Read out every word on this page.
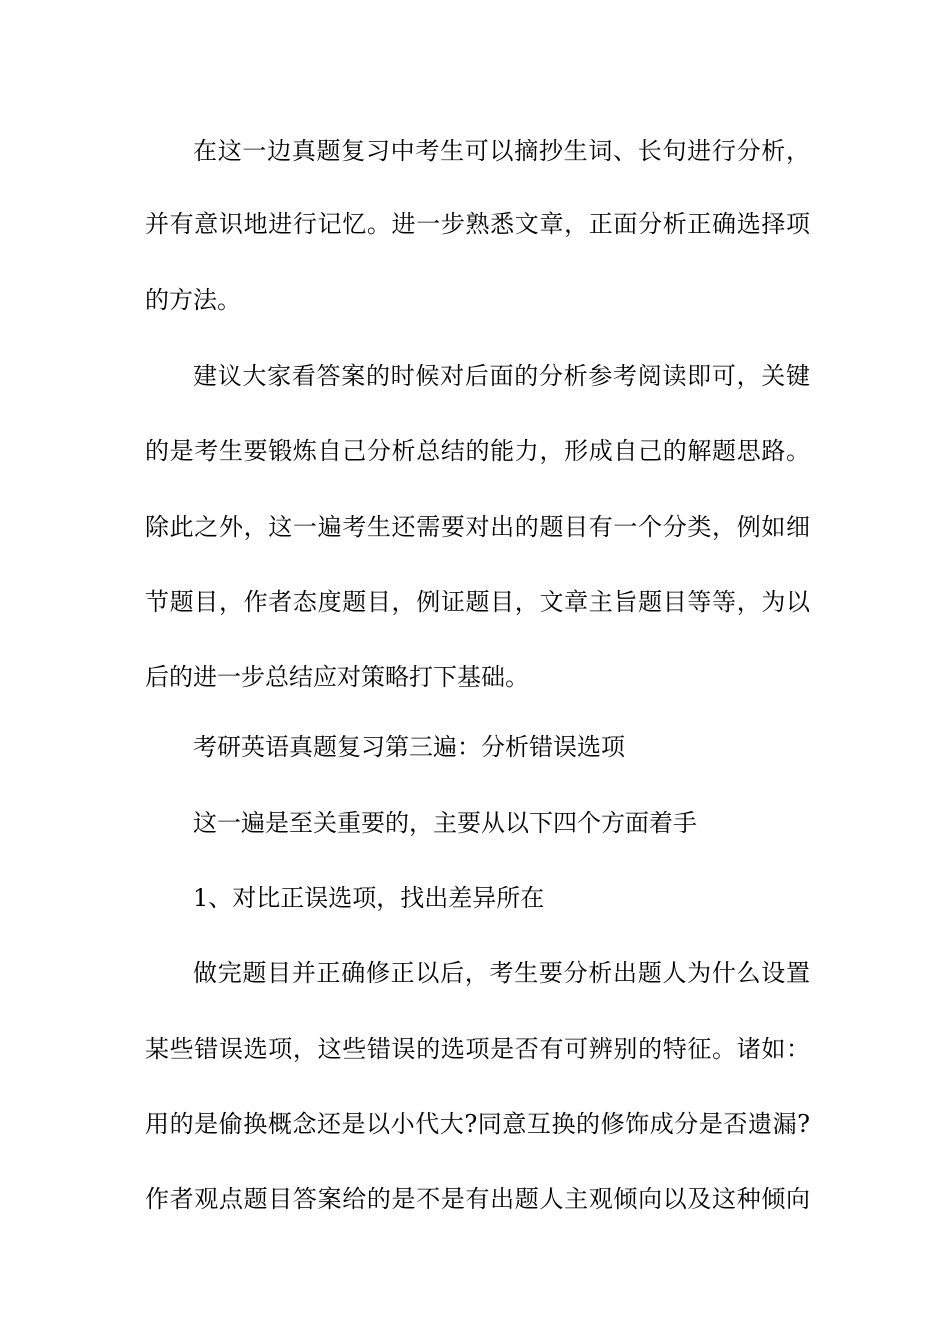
在这一边真题复习中考生可以摘抄生词、长句进行分析，
并有意识地进行记忆。进一步熟悉文章，正面分析正确选择项
的方法。
建议大家看答案的时候对后面的分析参考阅读即可，关键
的是考生要锻炼自己分析总结的能力，形成自己的解题思路。
除此之外，这一遍考生还需要对出的题目有一个分类，例如细
节题目，作者态度题目，例证题目，文章主旨题目等等，为以
后的进一步总结应对策略打下基础。
考研英语真题复习第三遍：分析错误选项
这一遍是至关重要的，主要从以下四个方面着手
1、对比正误选项，找出差异所在
做完题目并正确修正以后，考生要分析出题人为什么设置
某些错误选项，这些错误的选项是否有可辨别的特征。诸如：
用的是偷换概念还是以小代大?同意互换的修饰成分是否遗漏?
作者观点题目答案给的是不是有出题人主观倾向以及这种倾向
